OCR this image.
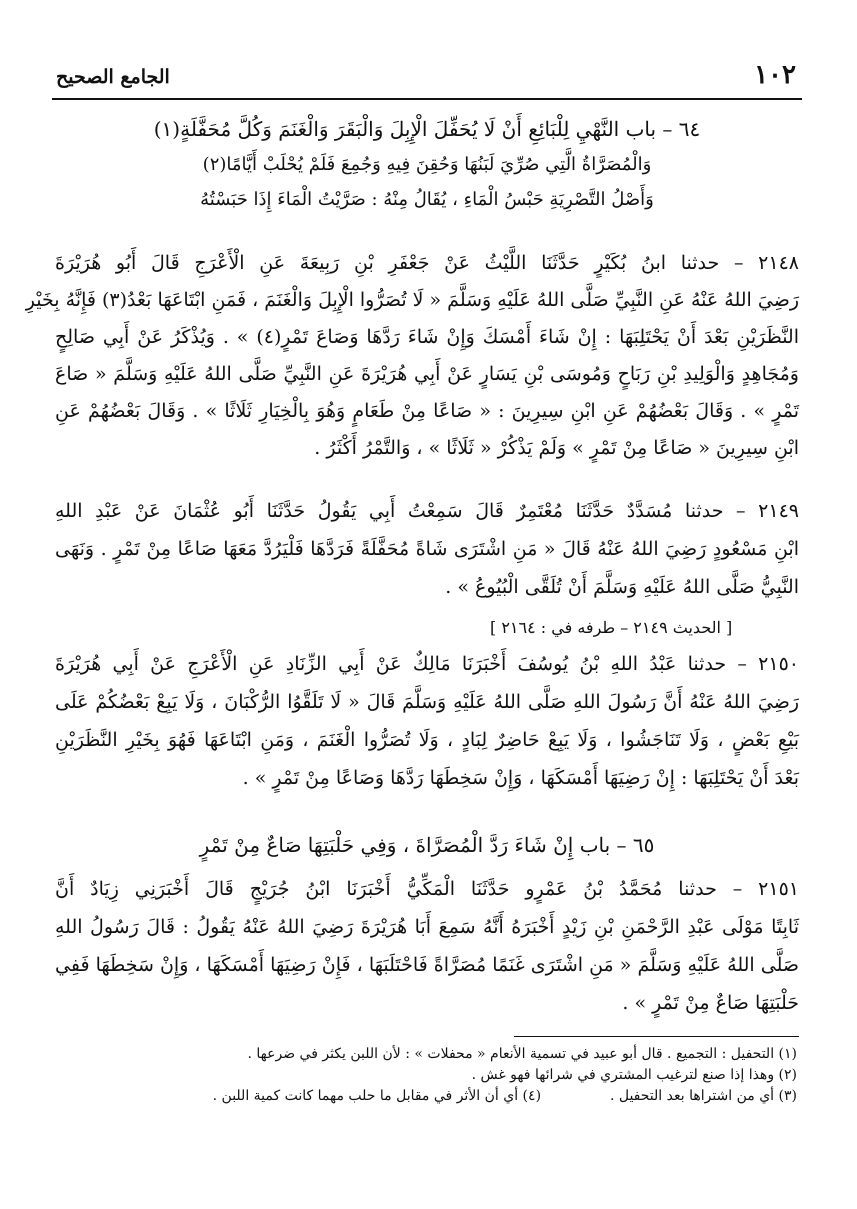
١٠٢
الجامع الصحيح
٦٤ – باب النَّهْيِ لِلْبَائِعِ أَنْ لَا يُحَفِّلَ الْإِبِلَ وَالْبَقَرَ وَالْغَنَمَ وَكُلَّ مُحَفَّلَةٍ(١)
وَالْمُصَرَّاةُ الَّتِي صُرِّيَ لَبَنُهَا وَحُقِنَ فِيهِ وَجُمِعَ فَلَمْ يُحْلَبْ أَيَّامًا(٢)
وَأَصْلُ التَّصْرِيَةِ حَبْسُ الْمَاءِ ، يُقَالُ مِنْهُ : صَرَّيْتُ الْمَاءَ إِذَا حَبَسْتُهُ
٢١٤٨ – حدثنا ابنُ بُكَيْرٍ حَدَّثَنَا اللَّيْثُ عَنْ جَعْفَرِ بْنِ رَبِيعَةَ عَنِ الْأَعْرَجِ قَالَ أَبُو هُرَيْرَةَ
رَضِيَ اللهُ عَنْهُ عَنِ النَّبِيِّ صَلَّى اللهُ عَلَيْهِ وَسَلَّمَ « لَا تُصَرُّوا الْإِبِلَ وَالْغَنَمَ ، فَمَنِ ابْتَاعَهَا بَعْدُ(٣) فَإِنَّهُ بِخَيْرِ
النَّظَرَيْنِ بَعْدَ أَنْ يَحْتَلِبَهَا : إِنْ شَاءَ أَمْسَكَ وَإِنْ شَاءَ رَدَّهَا وَصَاعَ تَمْرٍ(٤) » . وَيُذْكَرُ عَنْ أَبِي صَالِحٍ
وَمُجَاهِدٍ وَالْوَلِيدِ بْنِ رَبَاحٍ وَمُوسَى بْنِ يَسَارٍ عَنْ أَبِي هُرَيْرَةَ عَنِ النَّبِيِّ صَلَّى اللهُ عَلَيْهِ وَسَلَّمَ « صَاعَ
تَمْرٍ » . وَقَالَ بَعْضُهُمْ عَنِ ابْنِ سِيرِينَ : « صَاعًا مِنْ طَعَامٍ وَهُوَ بِالْخِيَارِ ثَلَاثًا » . وَقَالَ بَعْضُهُمْ عَنِ
ابْنِ سِيرِينَ « صَاعًا مِنْ تَمْرٍ » وَلَمْ يَذْكُرْ « ثَلَاثًا » ، وَالتَّمْرُ أَكْثَرُ .
٢١٤٩ – حدثنا مُسَدَّدٌ حَدَّثَنَا مُعْتَمِرٌ قَالَ سَمِعْتُ أَبِي يَقُولُ حَدَّثَنَا أَبُو عُثْمَانَ عَنْ عَبْدِ اللهِ
ابْنِ مَسْعُودٍ رَضِيَ اللهُ عَنْهُ قَالَ « مَنِ اشْتَرَى شَاةً مُحَفَّلَةً فَرَدَّهَا فَلْيَرُدَّ مَعَهَا صَاعًا مِنْ تَمْرٍ . وَنَهَى
النَّبِيُّ صَلَّى اللهُ عَلَيْهِ وَسَلَّمَ أَنْ تُلَقَّى الْبُيُوعُ » .
[ الحديث ٢١٤٩ – طرفه في : ٢١٦٤ ]
٢١٥٠ – حدثنا عَبْدُ اللهِ بْنُ يُوسُفَ أَخْبَرَنَا مَالِكٌ عَنْ أَبِي الزِّنَادِ عَنِ الْأَعْرَجِ عَنْ أَبِي هُرَيْرَةَ
رَضِيَ اللهُ عَنْهُ أَنَّ رَسُولَ اللهِ صَلَّى اللهُ عَلَيْهِ وَسَلَّمَ قَالَ « لَا تَلَقَّوُا الرُّكْبَانَ ، وَلَا يَبِعْ بَعْضُكُمْ عَلَى
بَيْعِ بَعْضٍ ، وَلَا تَنَاجَشُوا ، وَلَا يَبِعْ حَاضِرٌ لِبَادٍ ، وَلَا تُصَرُّوا الْغَنَمَ ، وَمَنِ ابْتَاعَهَا فَهُوَ بِخَيْرِ النَّظَرَيْنِ
بَعْدَ أَنْ يَحْتَلِبَهَا : إِنْ رَضِيَهَا أَمْسَكَهَا ، وَإِنْ سَخِطَهَا رَدَّهَا وَصَاعًا مِنْ تَمْرٍ » .
٦٥ – باب إِنْ شَاءَ رَدَّ الْمُصَرَّاةَ ، وَفِي حَلْبَتِهَا صَاعٌ مِنْ تَمْرٍ
٢١٥١ – حدثنا مُحَمَّدُ بْنُ عَمْرٍو حَدَّثَنَا الْمَكِّيُّ أَخْبَرَنَا ابْنُ جُرَيْجٍ قَالَ أَخْبَرَنِي زِيَادٌ أَنَّ
ثَابِتًا مَوْلَى عَبْدِ الرَّحْمَنِ بْنِ زَيْدٍ أَخْبَرَهُ أَنَّهُ سَمِعَ أَبَا هُرَيْرَةَ رَضِيَ اللهُ عَنْهُ يَقُولُ : قَالَ رَسُولُ اللهِ
صَلَّى اللهُ عَلَيْهِ وَسَلَّمَ « مَنِ اشْتَرَى غَنَمًا مُصَرَّاةً فَاحْتَلَبَهَا ، فَإِنْ رَضِيَهَا أَمْسَكَهَا ، وَإِنْ سَخِطَهَا فَفِي
حَلْبَتِهَا صَاعٌ مِنْ تَمْرٍ » .
(١) التحفيل : التجميع . قال أبو عبيد في تسمية الأنعام « محفلات » : لأن اللبن يكثر في ضرعها .
(٢) وهذا إذا صنع لترغيب المشتري في شرائها فهو غش .
(٣) أي من اشتراها بعد التحفيل .  (٤) أي أن الأثر في مقابل ما حلب مهما كانت كمية اللبن .
